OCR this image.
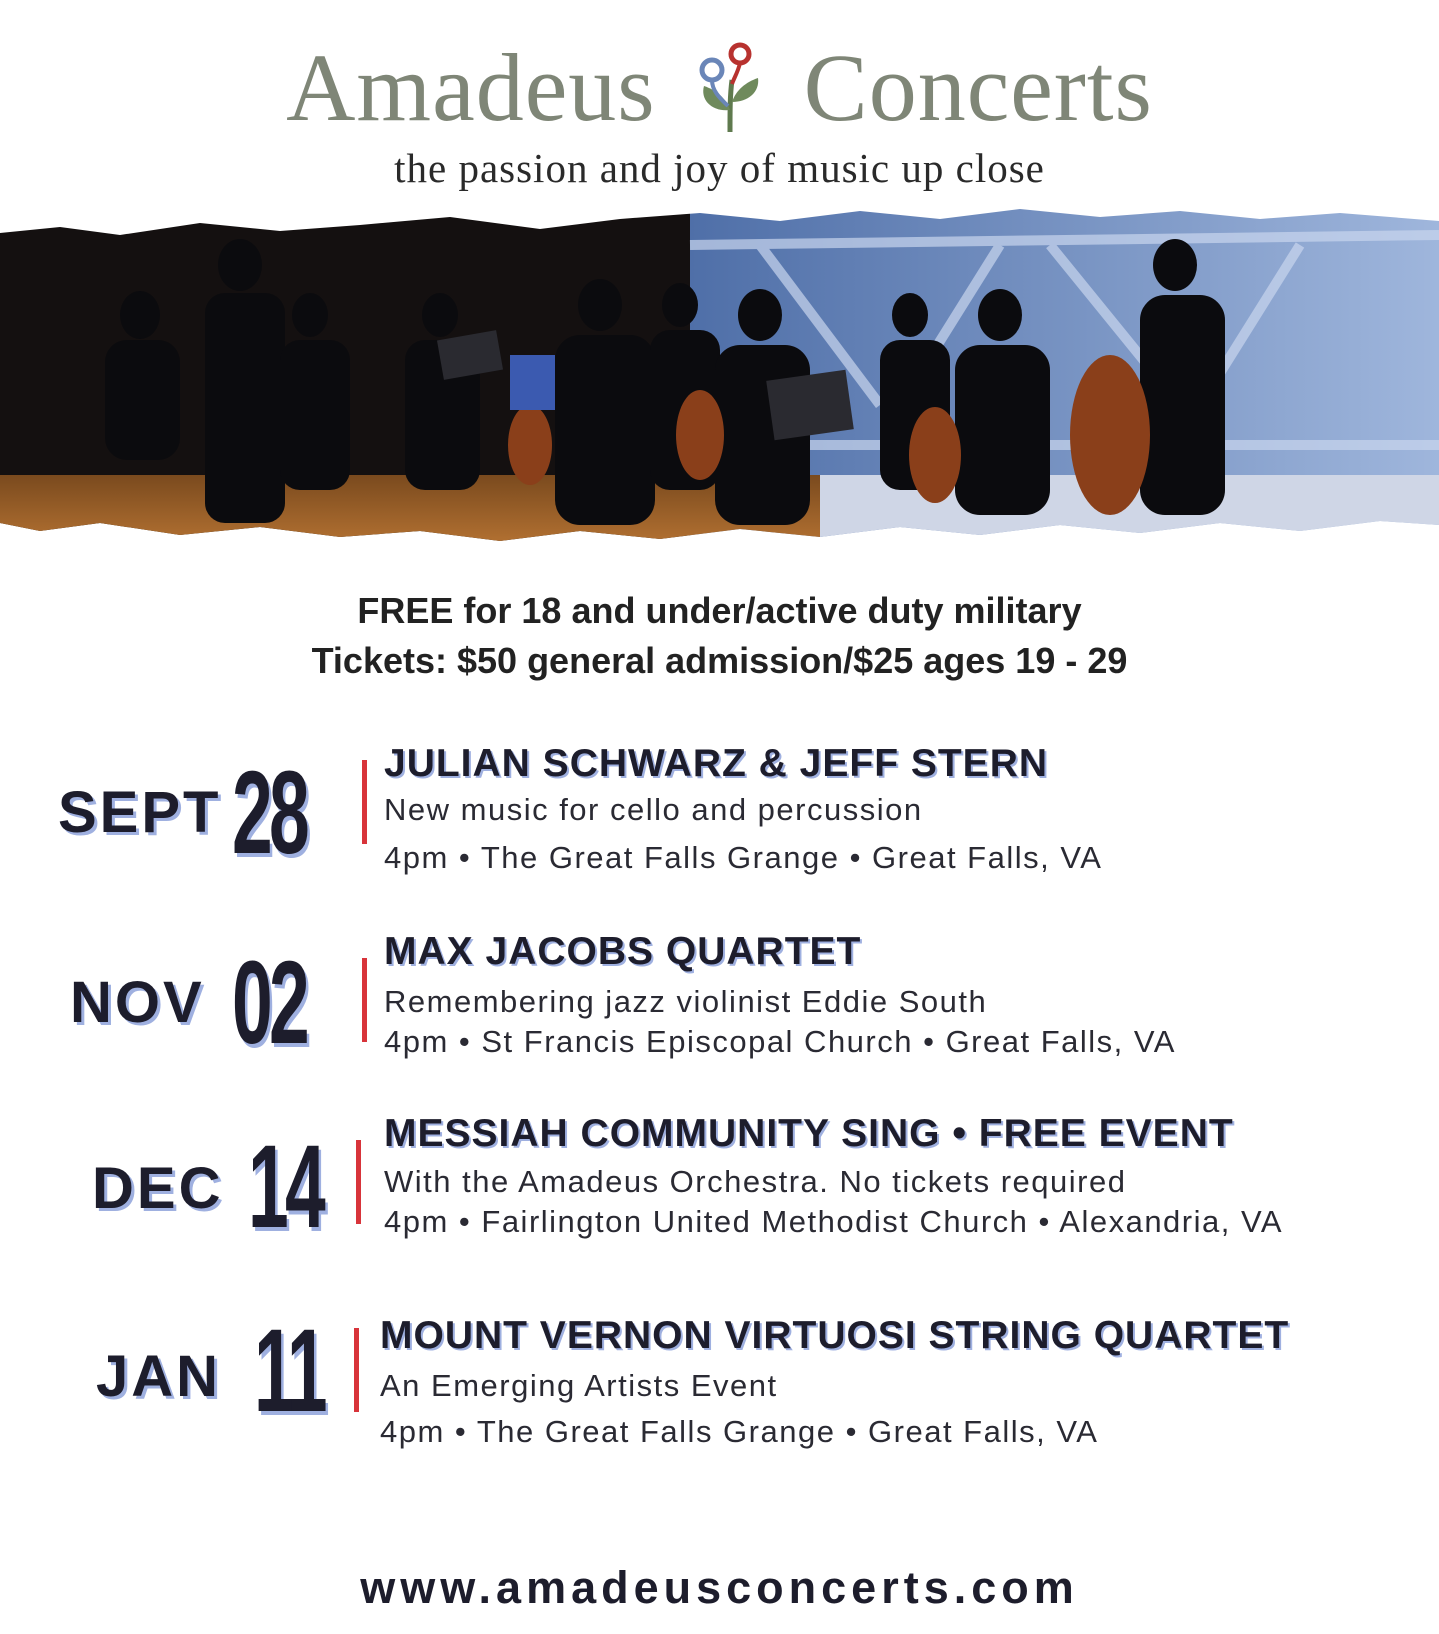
Amadeus Concerts
the passion and joy of music up close
FREE for 18 and under/active duty military
Tickets: $50 general admission/$25 ages 19 - 29
SEPT 28 JULIAN SCHWARZ & JEFF STERN
New music for cello and percussion
4pm • The Great Falls Grange • Great Falls, VA
NOV 02 MAX JACOBS QUARTET
Remembering jazz violinist Eddie South
4pm • St Francis Episcopal Church • Great Falls, VA
DEC 14 MESSIAH COMMUNITY SING • FREE EVENT
With the Amadeus Orchestra. No tickets required
4pm • Fairlington United Methodist Church • Alexandria, VA
JAN 11 MOUNT VERNON VIRTUOSI STRING QUARTET
An Emerging Artists Event
4pm • The Great Falls Grange • Great Falls, VA
www.amadeusconcerts.com
